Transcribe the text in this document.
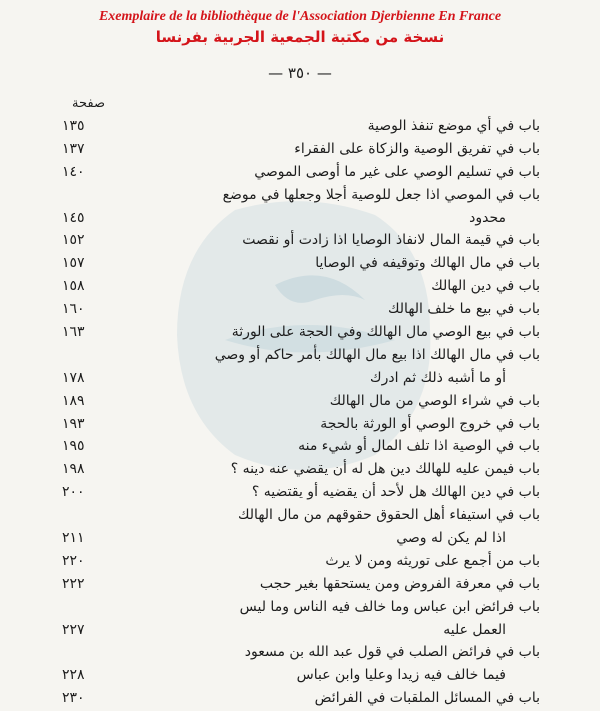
Exemplaire de la bibliothèque de l'Association Djerbienne En France
نسخة من مكتبة الجمعية الجربية بفرنسا
— ٣٥٠ —
صفحة
باب في أي موضع تنفذ الوصية
١٣٥
باب في تفريق الوصية والزكاة على الفقراء
١٣٧
باب في تسليم الوصي على غير ما أوصى الموصي
١٤٠
باب في الموصي اذا جعل للوصية أجلا وجعلها في موضع
محدود
١٤٥
باب في قيمة المال لانفاذ الوصايا اذا زادت أو نقصت
١٥٢
باب في مال الهالك وتوقيفه في الوصايا
١٥٧
باب في دين الهالك
١٥٨
باب في بيع ما خلف الهالك
١٦٠
باب في بيع الوصي مال الهالك وفي الحجة على الورثة
١٦٣
باب في مال الهالك اذا بيع مال الهالك بأمر حاكم أو وصي
أو ما أشبه ذلك ثم ادرك
١٧٨
باب في شراء الوصي من مال الهالك
١٨٩
باب في خروج الوصي أو الورثة بالحجة
١٩٣
باب في الوصية اذا تلف المال أو شيء منه
١٩٥
باب فيمن عليه للهالك دين هل له أن يقضي عنه دينه ؟
١٩٨
باب في دين الهالك هل لأحد أن يقضيه أو يقتضيه ؟
٢٠٠
باب في استيفاء أهل الحقوق حقوقهم من مال الهالك
اذا لم يكن له وصي
٢١١
باب من أجمع على توريثه ومن لا يرث
٢٢٠
باب في معرفة الفروض ومن يستحقها بغير حجب
٢٢٢
باب فرائض ابن عباس وما خالف فيه الناس وما ليس
العمل عليه
٢٢٧
باب في فرائض الصلب في قول عبد الله بن مسعود
فيما خالف فيه زيدا وعليا وابن عباس
٢٢٨
باب في المسائل الملقبات في الفرائض
٢٣٠
